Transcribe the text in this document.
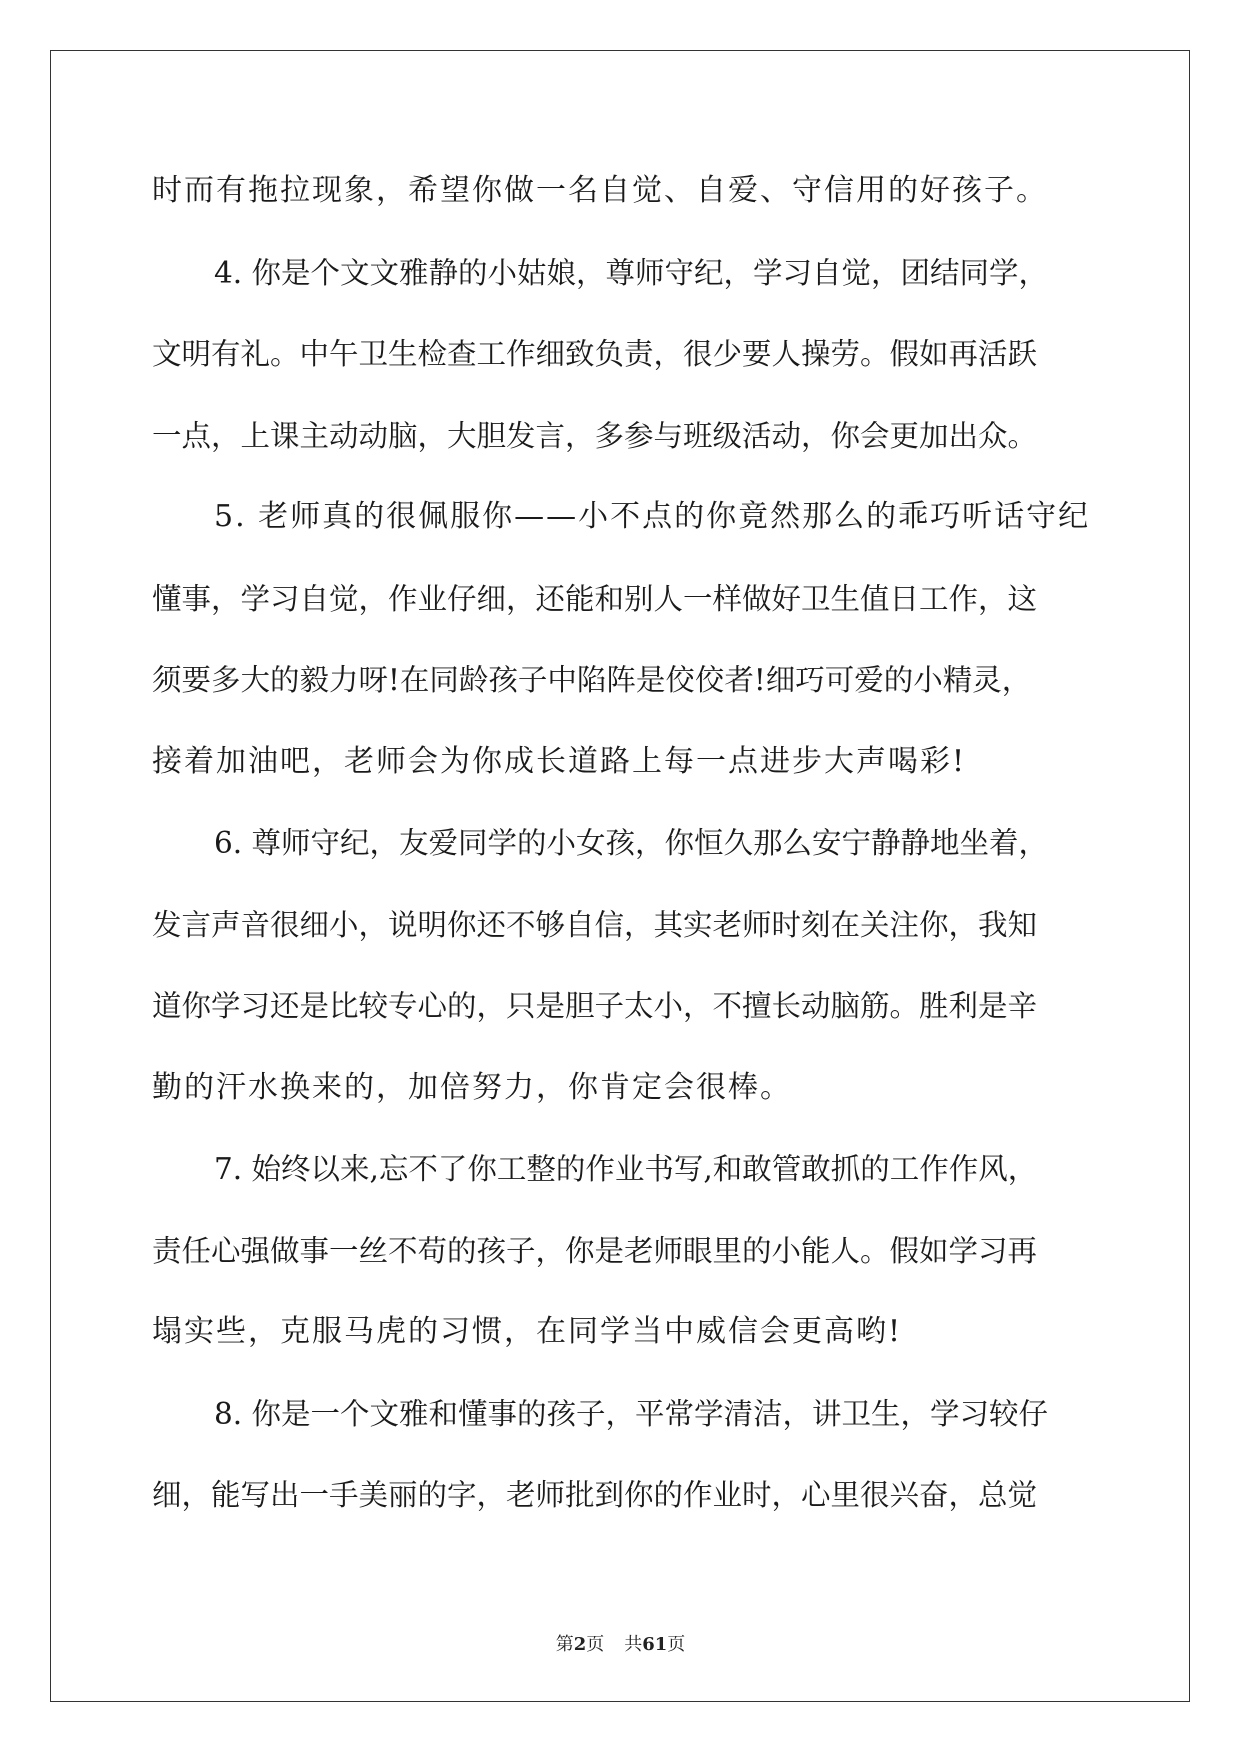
时而有拖拉现象，希望你做一名自觉、自爱、守信用的好孩子。
4. 你是个文文雅静的小姑娘，尊师守纪，学习自觉，团结同学，
文明有礼。中午卫生检查工作细致负责，很少要人操劳。假如再活跃
一点，上课主动动脑，大胆发言，多参与班级活动，你会更加出众。
5. 老师真的很佩服你——小不点的你竟然那么的乖巧听话守纪
懂事，学习自觉，作业仔细，还能和别人一样做好卫生值日工作，这
须要多大的毅力呀!在同龄孩子中陷阵是佼佼者!细巧可爱的小精灵，
接着加油吧，老师会为你成长道路上每一点进步大声喝彩!
6. 尊师守纪，友爱同学的小女孩，你恒久那么安宁静静地坐着，
发言声音很细小，说明你还不够自信，其实老师时刻在关注你，我知
道你学习还是比较专心的，只是胆子太小，不擅长动脑筋。胜利是辛
勤的汗水换来的，加倍努力，你肯定会很棒。
7. 始终以来,忘不了你工整的作业书写,和敢管敢抓的工作作风，
责任心强做事一丝不苟的孩子，你是老师眼里的小能人。假如学习再
塌实些，克服马虎的习惯，在同学当中威信会更高哟!
8. 你是一个文雅和懂事的孩子，平常学清洁，讲卫生，学习较仔
细，能写出一手美丽的字，老师批到你的作业时，心里很兴奋，总觉
第2页 共61页
